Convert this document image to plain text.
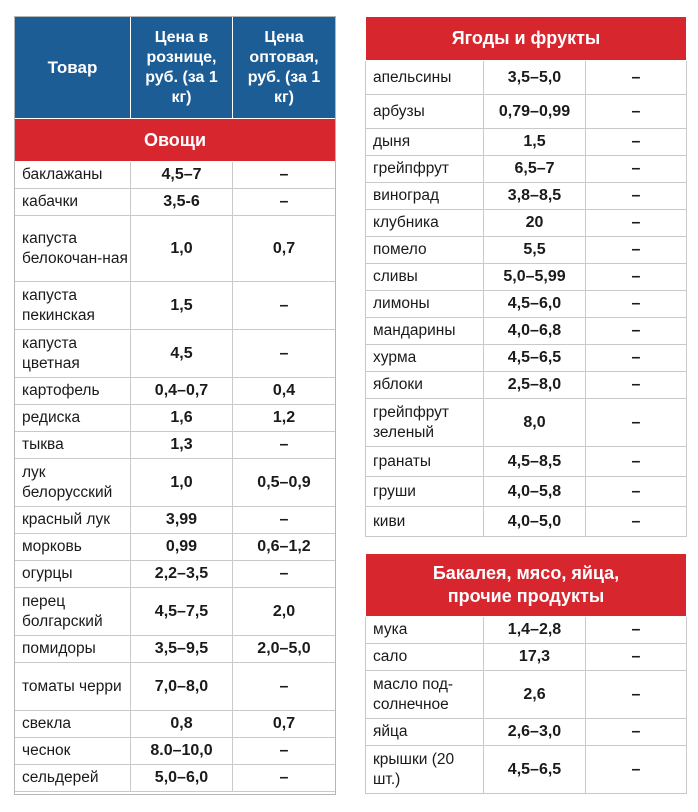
Товар	Цена в рознице, руб. (за 1 кг)	Цена оптовая, руб. (за 1 кг)
Овощи		
баклажаны	4,5–7	–
кабачки	3,5-6	–
капуста белокочан-ная	1,0	0,7
капуста пекинская	1,5	–
капуста цветная	4,5	–
картофель	0,4–0,7	0,4
редиска	1,6	1,2
тыква	1,3	–
лук белорусский	1,0	0,5–0,9
красный лук	3,99	–
морковь	0,99	0,6–1,2
огурцы	2,2–3,5	–
перец болгарский	4,5–7,5	2,0
помидоры	3,5–9,5	2,0–5,0
томаты черри	7,0–8,0	–
свекла	0,8	0,7
чеснок	8.0–10,0	–
сельдерей	5,0–6,0	–
Ягоды и фрукты		
апельсины	3,5–5,0	–
арбузы	0,79–0,99	–
дыня	1,5	–
грейпфрут	6,5–7	–
виноград	3,8–8,5	–
клубника	20	–
помело	5,5	–
сливы	5,0–5,99	–
лимоны	4,5–6,0	–
мандарины	4,0–6,8	–
хурма	4,5–6,5	–
яблоки	2,5–8,0	–
грейпфрут зеленый	8,0	–
гранаты	4,5–8,5	–
груши	4,0–5,8	–
киви	4,0–5,0	–
Бакалея, мясо, яйца, прочие продукты		
мука	1,4–2,8	–
сало	17,3	–
масло под-солнечное	2,6	–
яйца	2,6–3,0	–
крышки (20 шт.)	4,5–6,5	–
